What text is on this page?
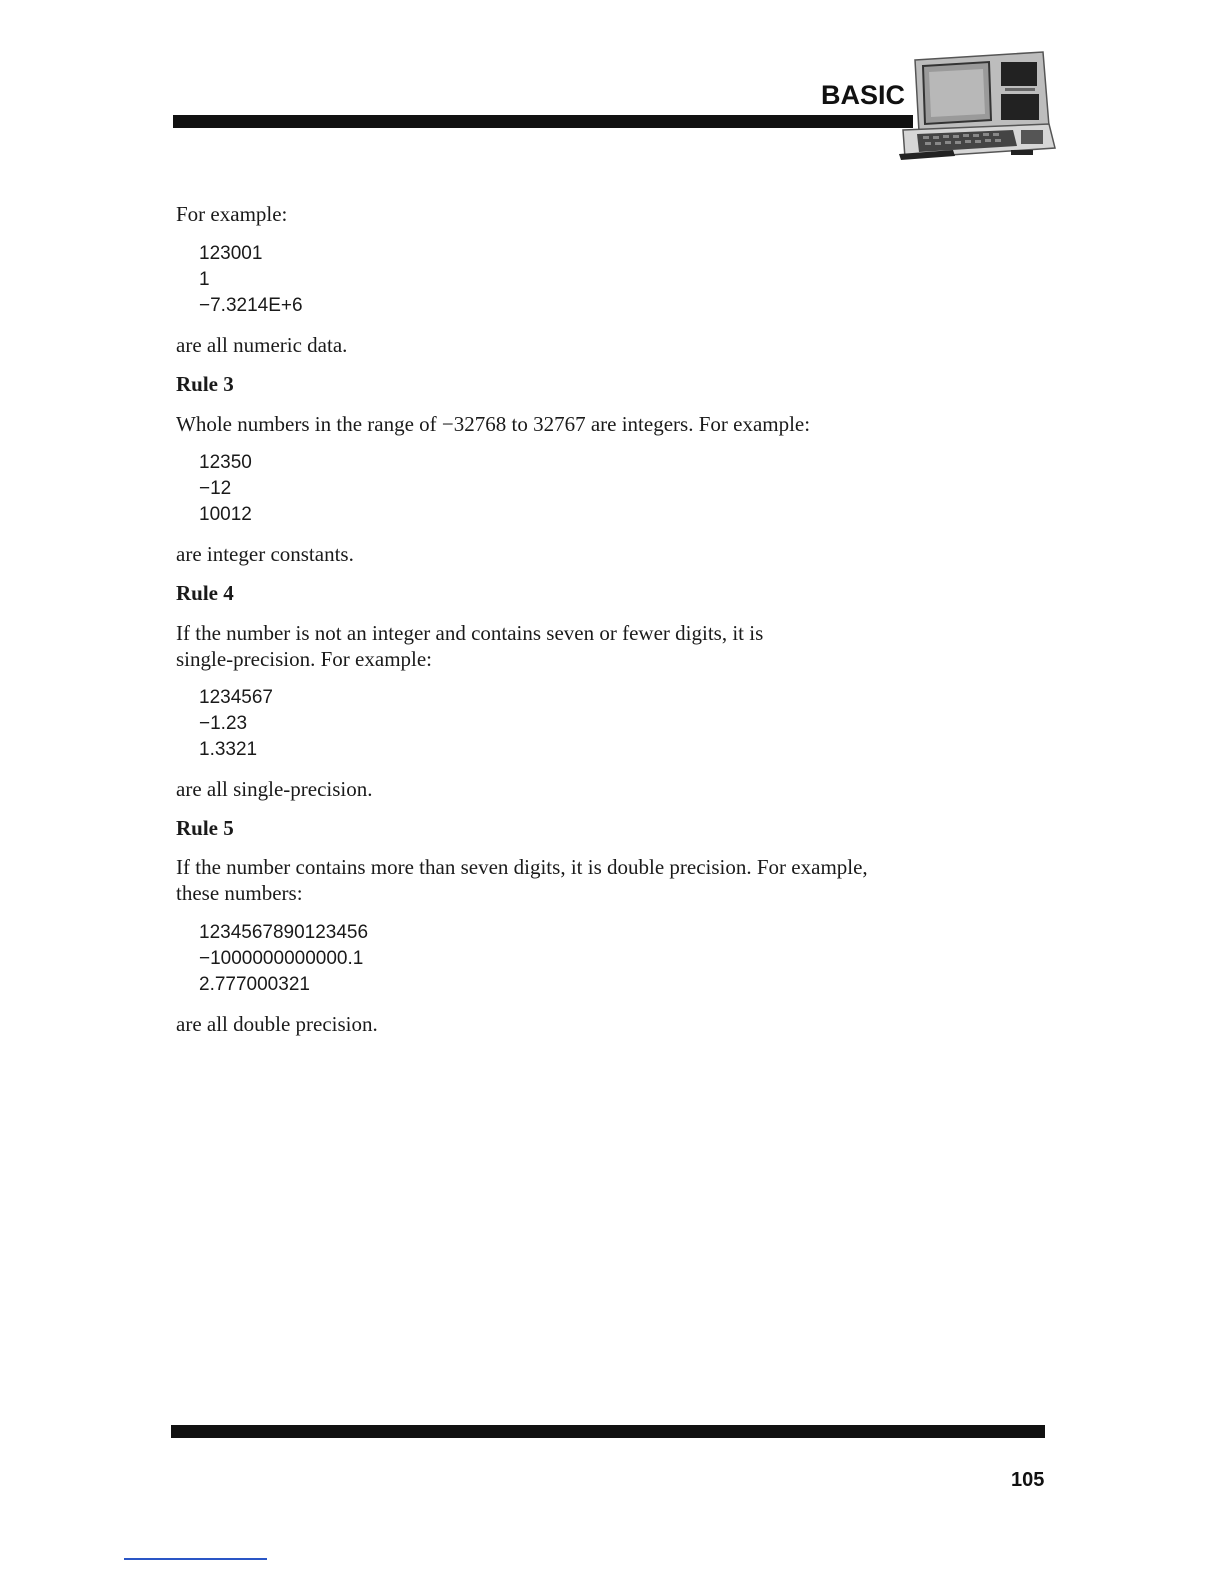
BASIC

For example:

123001
1
−7.3214E+6

are all numeric data.

Rule 3

Whole numbers in the range of −32768 to 32767 are integers. For example:

12350
−12
10012

are integer constants.

Rule 4

If the number is not an integer and contains seven or fewer digits, it is

single-precision. For example:

1234567
−1.23
1.3321

are all single-precision.

Rule 5

If the number contains more than seven digits, it is double precision. For example,

these numbers:

1234567890123456
−1000000000000.1
2.777000321

are all double precision.

105
